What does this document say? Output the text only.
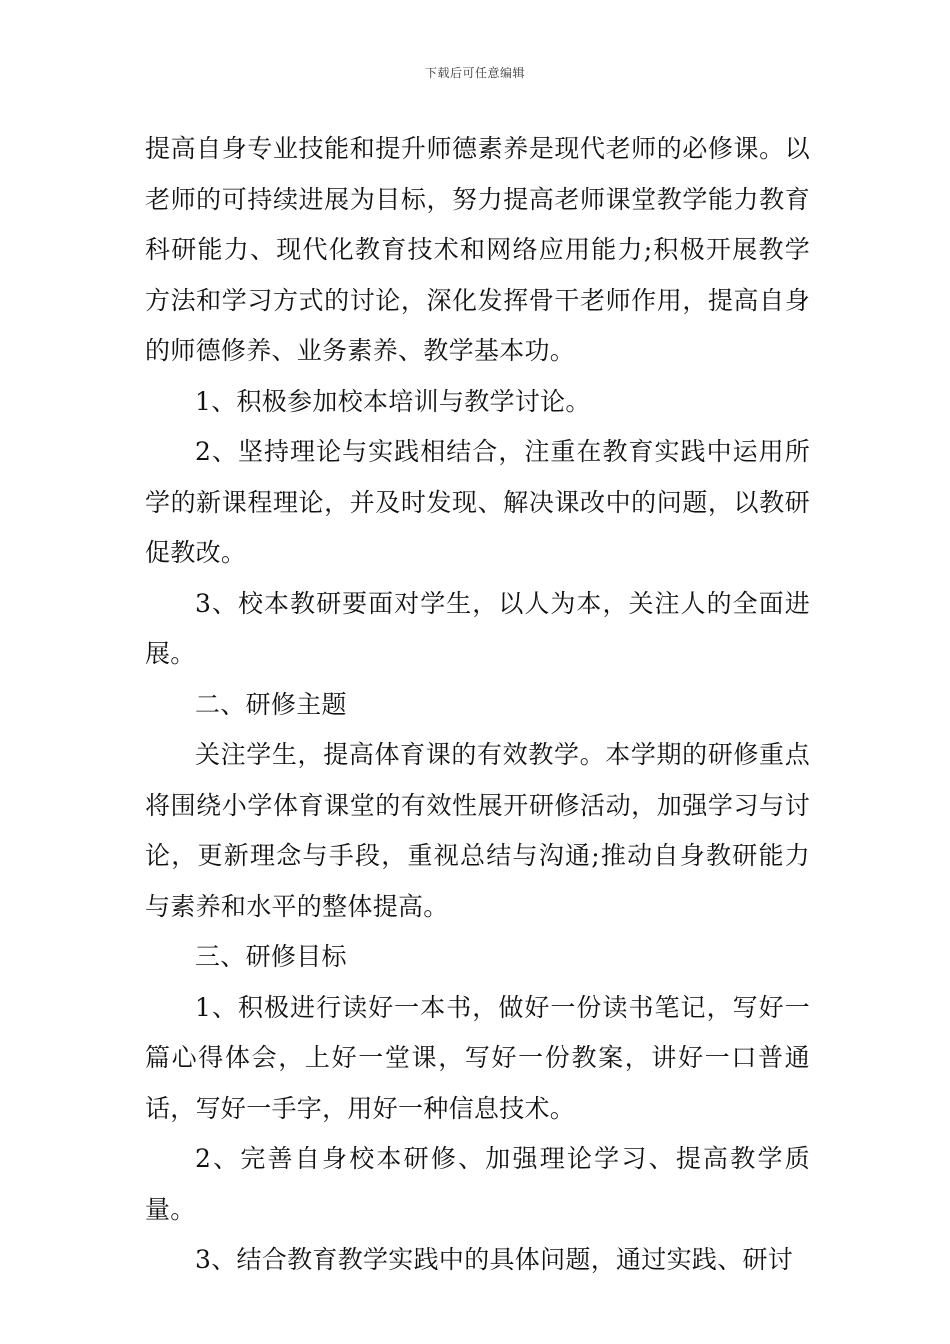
下载后可任意编辑

提高自身专业技能和提升师德素养是现代老师的必修课。以老师的可持续进展为目标，努力提高老师课堂教学能力教育科研能力、现代化教育技术和网络应用能力;积极开展教学方法和学习方式的讨论，深化发挥骨干老师作用，提高自身的师德修养、业务素养、教学基本功。

1、积极参加校本培训与教学讨论。

2、坚持理论与实践相结合，注重在教育实践中运用所学的新课程理论，并及时发现、解决课改中的问题，以教研促教改。

3、校本教研要面对学生，以人为本，关注人的全面进展。

二、研修主题

关注学生，提高体育课的有效教学。本学期的研修重点将围绕小学体育课堂的有效性展开研修活动，加强学习与讨论，更新理念与手段，重视总结与沟通;推动自身教研能力与素养和水平的整体提高。

三、研修目标

1、积极进行读好一本书，做好一份读书笔记，写好一篇心得体会，上好一堂课，写好一份教案，讲好一口普通话，写好一手字，用好一种信息技术。

2、完善自身校本研修、加强理论学习、提高教学质量。

3、结合教育教学实践中的具体问题，通过实践、研讨
